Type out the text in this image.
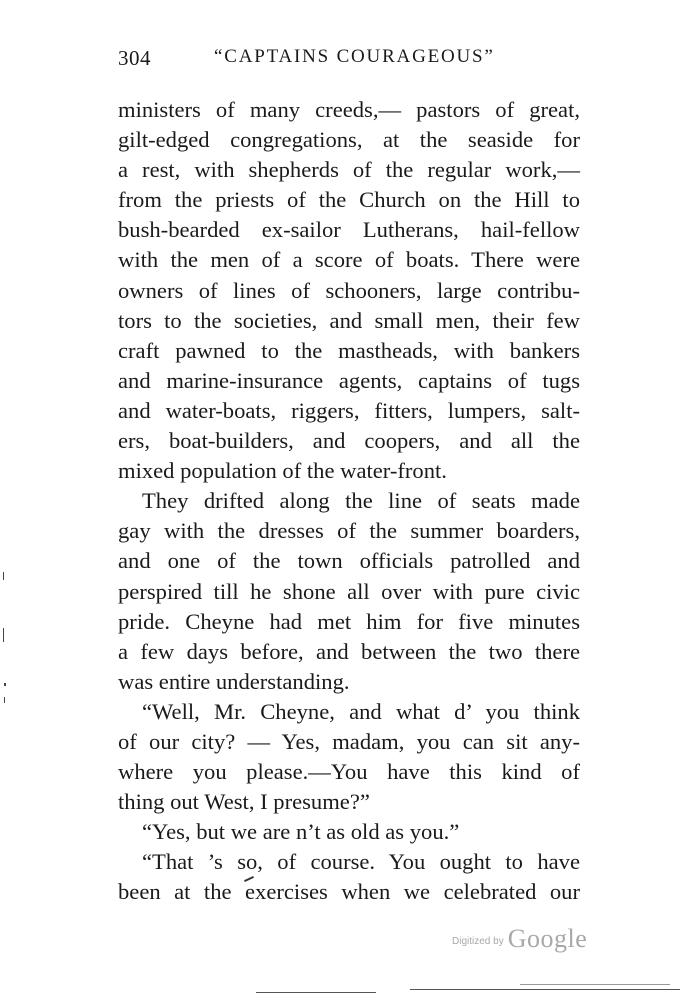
304	“CAPTAINS COURAGEOUS”
ministers of many creeds,— pastors of great,
gilt-edged congregations, at the seaside for
a rest, with shepherds of the regular work,—
from the priests of the Church on the Hill to
bush-bearded ex-sailor Lutherans, hail-fellow
with the men of a score of boats. There were
owners of lines of schooners, large contribu-
tors to the societies, and small men, their few
craft pawned to the mastheads, with bankers
and marine-insurance agents, captains of tugs
and water-boats, riggers, fitters, lumpers, salt-
ers, boat-builders, and coopers, and all the
mixed population of the water-front.
They drifted along the line of seats made
gay with the dresses of the summer boarders,
and one of the town officials patrolled and
perspired till he shone all over with pure civic
pride. Cheyne had met him for five minutes
a few days before, and between the two there
was entire understanding.
“Well, Mr. Cheyne, and what d’ you think
of our city? — Yes, madam, you can sit any-
where you please.—You have this kind of
thing out West, I presume?”
“Yes, but we are n’t as old as you.”
“That ’s so, of course. You ought to have
been at the exercises when we celebrated our
Digitized by Google
